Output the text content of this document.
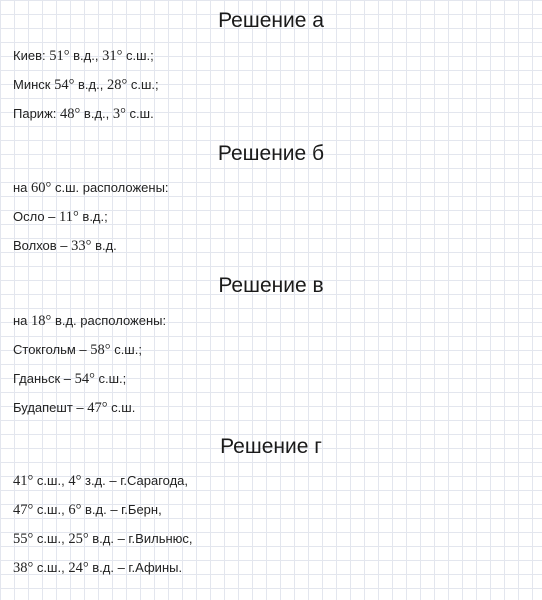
Решение а
Киев: 51° в.д., 31° с.ш.;
Минск 54° в.д., 28° с.ш.;
Париж: 48° в.д., 3° с.ш.
Решение б
на 60° с.ш. расположены:
Осло – 11° в.д.;
Волхов – 33° в.д.
Решение в
на 18° в.д. расположены:
Стокгольм – 58° с.ш.;
Гданьск – 54° с.ш.;
Будапешт – 47° с.ш.
Решение г
41° с.ш., 4° з.д. – г.Сарагода,
47° с.ш., 6° в.д. – г.Берн,
55° с.ш., 25° в.д. – г.Вильнюс,
38° с.ш., 24° в.д. – г.Афины.
